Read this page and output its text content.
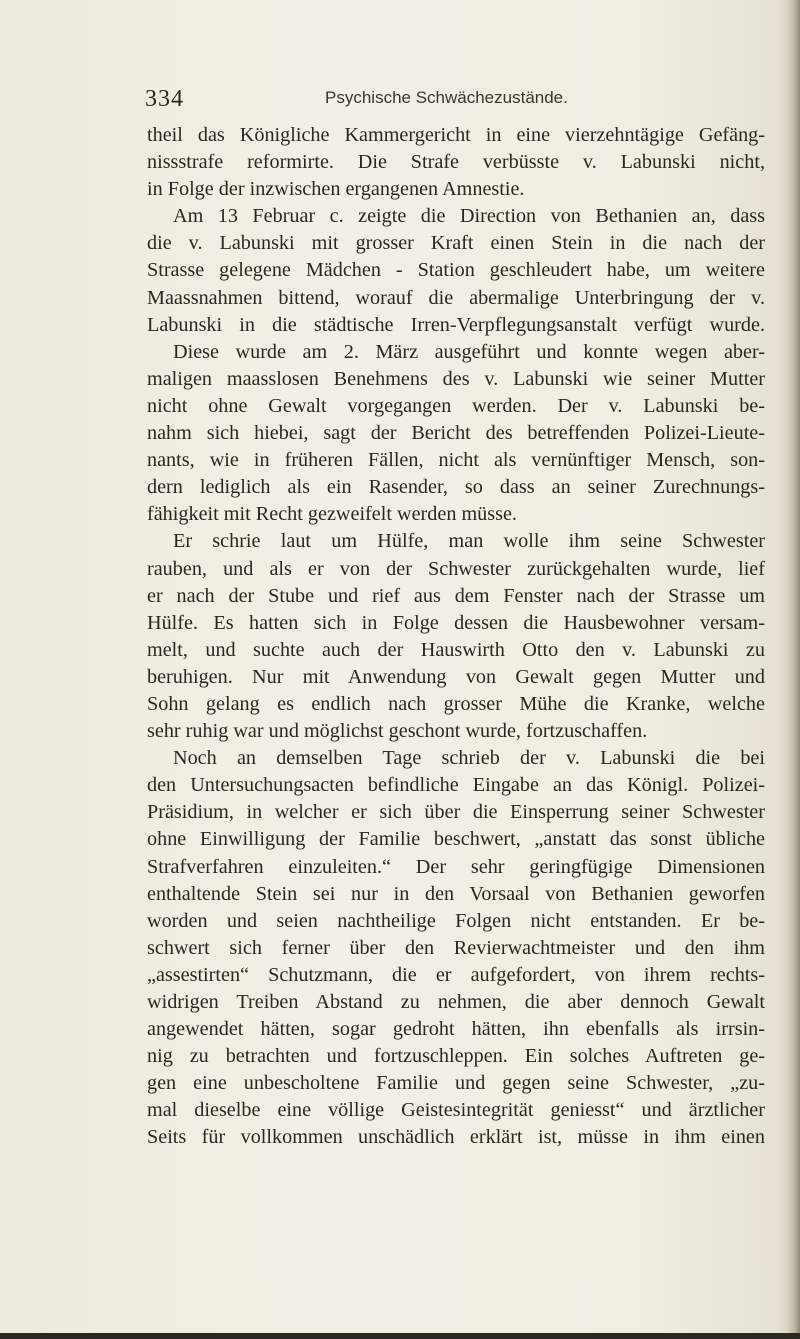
334	Psychische Schwächezustände.
theil das Königliche Kammergericht in eine vierzehntägige Gefäng-
nissstrafe reformirte. Die Strafe verbüsste v. Labunski nicht,
in Folge der inzwischen ergangenen Amnestie.
Am 13 Februar c. zeigte die Direction von Bethanien an, dass
die v. Labunski mit grosser Kraft einen Stein in die nach der
Strasse gelegene Mädchen - Station geschleudert habe, um weitere
Maassnahmen bittend, worauf die abermalige Unterbringung der v.
Labunski in die städtische Irren-Verpflegungsanstalt verfügt wurde.
Diese wurde am 2. März ausgeführt und konnte wegen aber-
maligen maasslosen Benehmens des v. Labunski wie seiner Mutter
nicht ohne Gewalt vorgegangen werden. Der v. Labunski be-
nahm sich hiebei, sagt der Bericht des betreffenden Polizei-Lieute-
nants, wie in früheren Fällen, nicht als vernünftiger Mensch, son-
dern lediglich als ein Rasender, so dass an seiner Zurechnungs-
fähigkeit mit Recht gezweifelt werden müsse.
Er schrie laut um Hülfe, man wolle ihm seine Schwester
rauben, und als er von der Schwester zurückgehalten wurde, lief
er nach der Stube und rief aus dem Fenster nach der Strasse um
Hülfe. Es hatten sich in Folge dessen die Hausbewohner versam-
melt, und suchte auch der Hauswirth Otto den v. Labunski zu
beruhigen. Nur mit Anwendung von Gewalt gegen Mutter und
Sohn gelang es endlich nach grosser Mühe die Kranke, welche
sehr ruhig war und möglichst geschont wurde, fortzuschaffen.
Noch an demselben Tage schrieb der v. Labunski die bei
den Untersuchungsacten befindliche Eingabe an das Königl. Polizei-
Präsidium, in welcher er sich über die Einsperrung seiner Schwester
ohne Einwilligung der Familie beschwert, „anstatt das sonst übliche
Strafverfahren einzuleiten.“ Der sehr geringfügige Dimensionen
enthaltende Stein sei nur in den Vorsaal von Bethanien geworfen
worden und seien nachtheilige Folgen nicht entstanden. Er be-
schwert sich ferner über den Revierwachtmeister und den ihm
„assestirten“ Schutzmann, die er aufgefordert, von ihrem rechts-
widrigen Treiben Abstand zu nehmen, die aber dennoch Gewalt
angewendet hätten, sogar gedroht hätten, ihn ebenfalls als irrsin-
nig zu betrachten und fortzuschleppen. Ein solches Auftreten ge-
gen eine unbescholtene Familie und gegen seine Schwester, „zu-
mal dieselbe eine völlige Geistesintegrität geniesst“ und ärztlicher
Seits für vollkommen unschädlich erklärt ist, müsse in ihm einen
